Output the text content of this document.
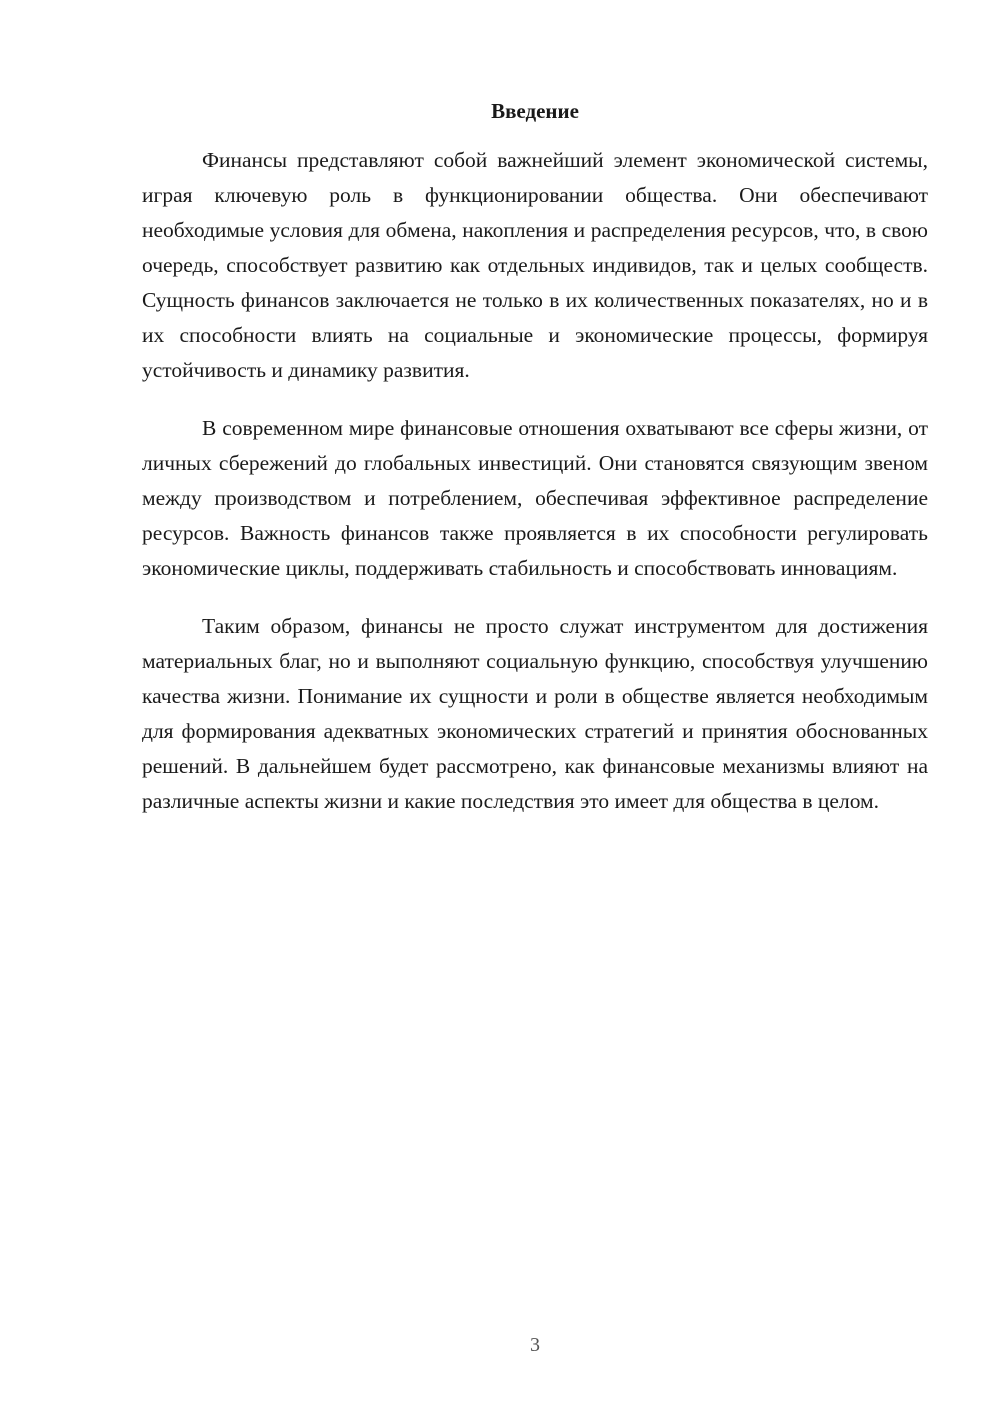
Введение

Финансы представляют собой важнейший элемент экономической системы, играя ключевую роль в функционировании общества. Они обеспечивают необходимые условия для обмена, накопления и распределения ресурсов, что, в свою очередь, способствует развитию как отдельных индивидов, так и целых сообществ. Сущность финансов заключается не только в их количественных показателях, но и в их способности влиять на социальные и экономические процессы, формируя устойчивость и динамику развития.

В современном мире финансовые отношения охватывают все сферы жизни, от личных сбережений до глобальных инвестиций. Они становятся связующим звеном между производством и потреблением, обеспечивая эффективное распределение ресурсов. Важность финансов также проявляется в их способности регулировать экономические циклы, поддерживать стабильность и способствовать инновациям.

Таким образом, финансы не просто служат инструментом для достижения материальных благ, но и выполняют социальную функцию, способствуя улучшению качества жизни. Понимание их сущности и роли в обществе является необходимым для формирования адекватных экономических стратегий и принятия обоснованных решений. В дальнейшем будет рассмотрено, как финансовые механизмы влияют на различные аспекты жизни и какие последствия это имеет для общества в целом.

3
